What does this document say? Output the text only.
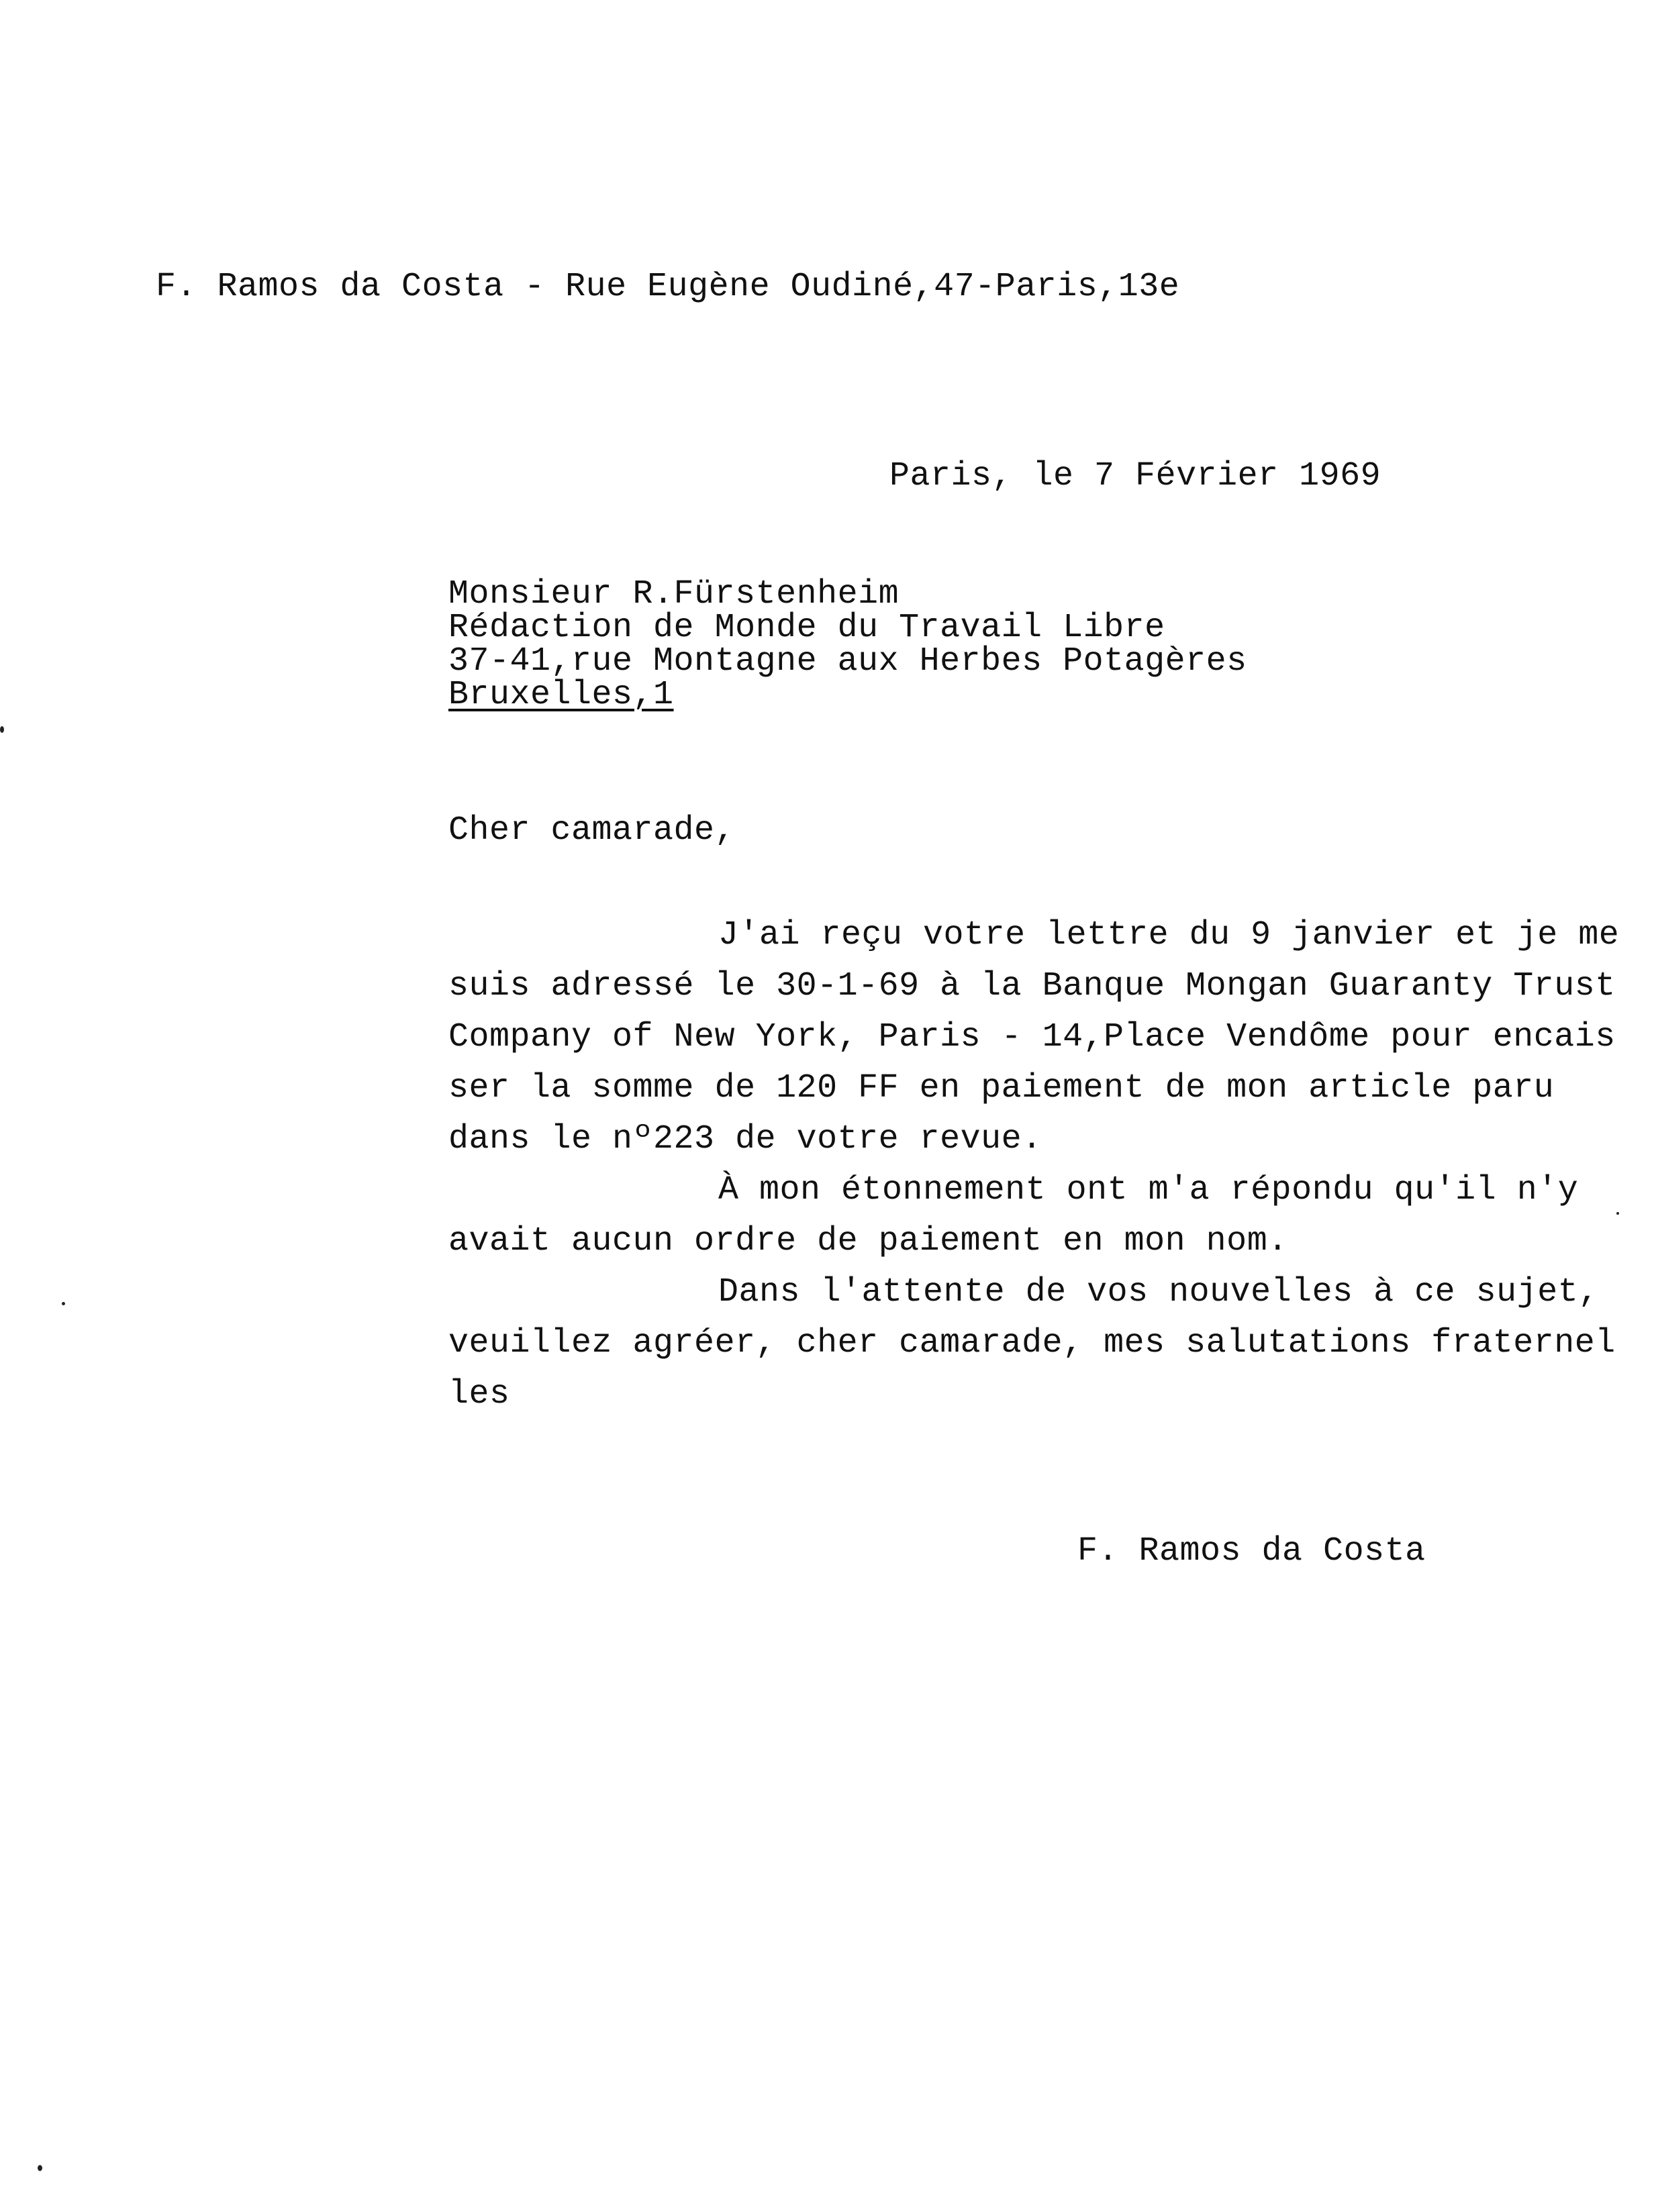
F. Ramos da Costa - Rue Eugène Oudiné,47-Paris,13e
Paris, le 7 Février 1969
Monsieur R.Fürstenheim
Rédaction de Monde du Travail Libre
37-41,rue Montagne aux Herbes Potagères
Bruxelles,1
Cher camarade,
J'ai reçu votre lettre du 9 janvier et je me
suis adressé le 30-1-69 à la Banque Mongan Guaranty Trust
Company of New York, Paris - 14,Place Vendôme pour encais
ser la somme de 120 FF en paiement de mon article paru
dans le nº223 de votre revue.
À mon étonnement ont m'a répondu qu'il n'y
avait aucun ordre de paiement en mon nom.
Dans l'attente de vos nouvelles à ce sujet,
veuillez agréer, cher camarade, mes salutations fraternel
les
F. Ramos da Costa
